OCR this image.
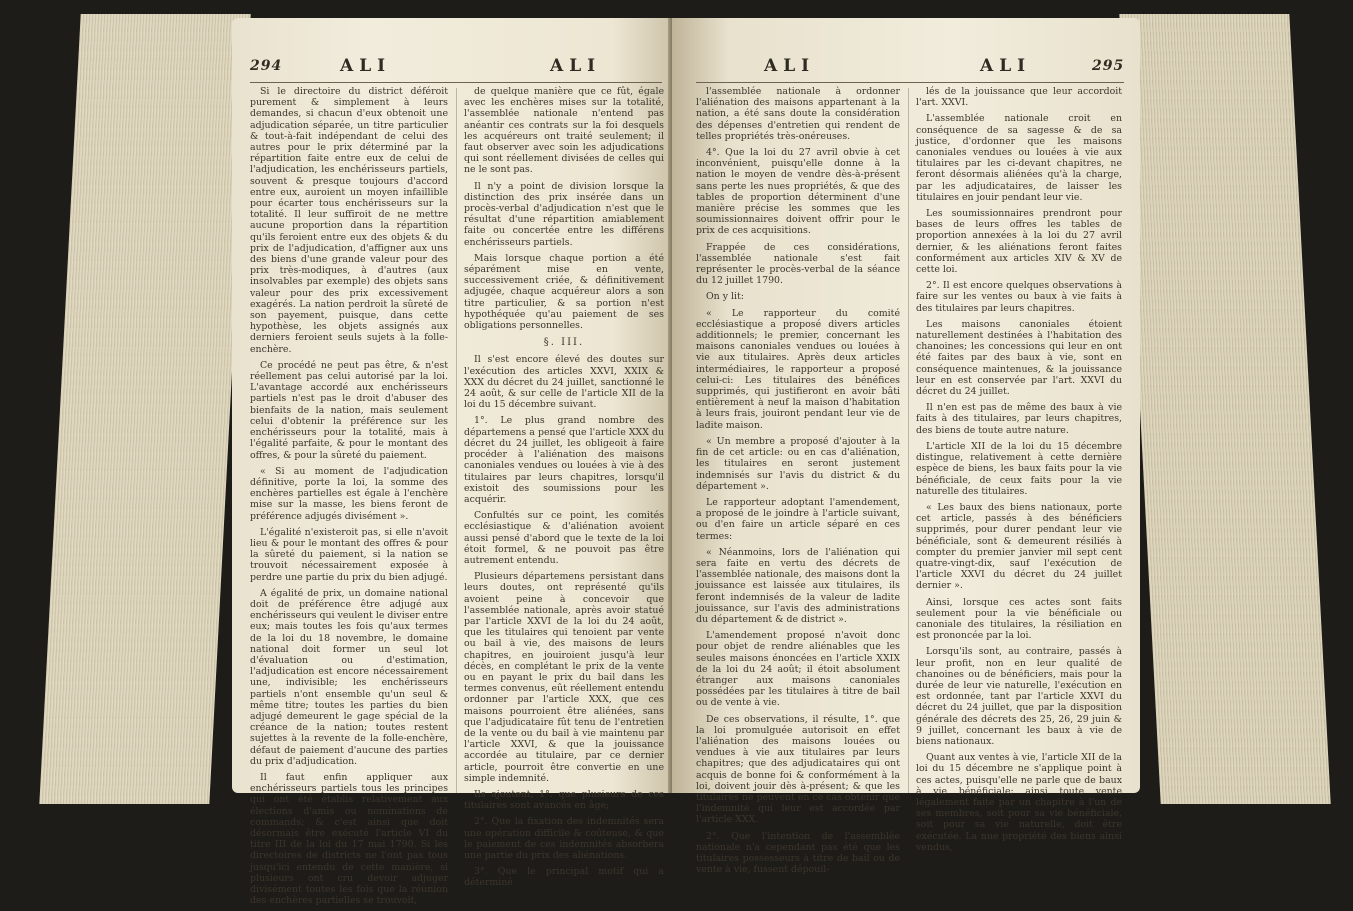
294	ALI	ALI

Si le directoire du district déféroit purement & simplement à leurs demandes, si chacun d'eux obtenoit une adjudication séparée, un titre particulier & tout-à-fait indépendant de celui des autres pour le prix déterminé par la répartition faite entre eux de celui de l'adjudication, les enchérisseurs partiels, souvent & presque toujours d'accord entre eux, auroient un moyen infaillible pour écarter tous enchérisseurs sur la totalité. Il leur suffiroit de ne mettre aucune proportion dans la répartition qu'ils feroient entre eux des objets & du prix de l'adjudication, d'affigner aux uns des biens d'une grande valeur pour des prix très-modiques, à d'autres (aux insolvables par exemple) des objets sans valeur pour des prix excessivement exagérés. La nation perdroit la sûreté de son payement, puisque, dans cette hypothèse, les objets assignés aux derniers feroient seuls sujets à la folle-enchère.

Ce procédé ne peut pas être, & n'est réellement pas celui autorisé par la loi. L'avantage accordé aux enchérisseurs partiels n'est pas le droit d'abuser des bienfaits de la nation, mais seulement celui d'obtenir la préférence sur les enchérisseurs pour la totalité, mais à l'égalité parfaite, & pour le montant des offres, & pour la sûreté du paiement.

« Si au moment de l'adjudication définitive, porte la loi, la somme des enchères partielles est égale à l'enchère mise sur la masse, les biens feront de préférence adjugés divisément ».

L'égalité n'existeroit pas, si elle n'avoit lieu & pour le montant des offres & pour la sûreté du paiement, si la nation se trouvoit nécessairement exposée à perdre une partie du prix du bien adjugé.

A égalité de prix, un domaine national doit de préférence être adjugé aux enchérisseurs qui veulent le diviser entre eux; mais toutes les fois qu'aux termes de la loi du 18 novembre, le domaine national doit former un seul lot d'évaluation ou d'estimation, l'adjudication est encore nécessairement une, indivisible; les enchérisseurs partiels n'ont ensemble qu'un seul & même titre; toutes les parties du bien adjugé demeurent le gage spécial de la créance de la nation; toutes restent sujettes à la revente de la folle-enchère, défaut de paiement d'aucune des parties du prix d'adjudication.

Il faut enfin appliquer aux enchérisseurs partiels tous les principes qui ont été établis relativement aux élections d'amis ou nominations de commands; & c'est ainsi que doit désormais être exécuté l'article VI du titre III de la loi du 17 mai 1790. Si les directoires de districts ne l'ont pas tous jusqu'ici entendu de cette manière, si plusieurs ont cru devoir adjuger divisément toutes les fois que la réunion des enchères partielles se trouvoit,

de quelque manière que ce fût, égale avec les enchères mises sur la totalité, l'assemblée nationale n'entend pas anéantir ces contrats sur la foi desquels les acquéreurs ont traité seulement; il faut observer avec soin les adjudications qui sont réellement divisées de celles qui ne le sont pas.

Il n'y a point de division lorsque la distinction des prix insérée dans un procès-verbal d'adjudication n'est que le résultat d'une répartition amiablement faite ou concertée entre les différens enchérisseurs partiels.

Mais lorsque chaque portion a été séparément mise en vente, successivement criée, & définitivement adjugée, chaque acquéreur alors a son titre particulier, & sa portion n'est hypothéquée qu'au paiement de ses obligations personnelles.

§. III.

Il s'est encore élevé des doutes sur l'exécution des articles XXVI, XXIX & XXX du décret du 24 juillet, sanctionné le 24 août, & sur celle de l'article XII de la loi du 15 décembre suivant.

1°. Le plus grand nombre des départemens a pensé que l'article XXX du décret du 24 juillet, les obligeoit à faire procéder à l'aliénation des maisons canoniales vendues ou louées à vie à des titulaires par leurs chapitres, lorsqu'il existoit des soumissions pour les acquérir.

Confultés sur ce point, les comités ecclésiastique & d'aliénation avoient aussi pensé d'abord que le texte de la loi étoit formel, & ne pouvoit pas être autrement entendu.

Plusieurs départemens persistant dans leurs doutes, ont représenté qu'ils avoient peine à concevoir que l'assemblée nationale, après avoir statué par l'article XXVI de la loi du 24 août, que les titulaires qui tenoient par vente ou bail à vie, des maisons de leurs chapitres, en jouiroient jusqu'à leur décès, en complétant le prix de la vente ou en payant le prix du bail dans les termes convenus, eût réellement entendu ordonner par l'article XXX, que ces maisons pourroient être aliénées, sans que l'adjudicataire fût tenu de l'entretien de la vente ou du bail à vie maintenu par l'article XXVI, & que la jouissance accordée au titulaire, par ce dernier article, pourroit être convertie en une simple indemnité.

Ils ajoutent, 1°. que plusieurs de ces titulaires sont avancés en âge;

2°. Que la fixation des indemnités sera une opération difficile & coûteuse, & que le paiement de ces indemnités absorbera une partie du prix des aliénations.

3°. Que le principal motif qui a déterminé

ALI	ALI	295

l'assemblée nationale à ordonner l'aliénation des maisons appartenant à la nation, a été sans doute la considération des dépenses d'entretien qui rendent de telles propriétés très-onéreuses.

4°. Que la loi du 27 avril obvie à cet inconvénient, puisqu'elle donne à la nation le moyen de vendre dès-à-présent sans perte les nues propriétés, & que des tables de proportion déterminent d'une manière précise les sommes que les soumissionnaires doivent offrir pour le prix de ces acquisitions.

Frappée de ces considérations, l'assemblée nationale s'est fait représenter le procès-verbal de la séance du 12 juillet 1790.

On y lit:

« Le rapporteur du comité ecclésiastique a proposé divers articles additionnels; le premier, concernant les maisons canoniales vendues ou louées à vie aux titulaires. Après deux articles intermédiaires, le rapporteur a proposé celui-ci: Les titulaires des bénéfices supprimés, qui justifieront en avoir bâti entièrement à neuf la maison d'habitation à leurs frais, jouiront pendant leur vie de ladite maison.

« Un membre a proposé d'ajouter à la fin de cet article: ou en cas d'aliénation, les titulaires en seront justement indemnisés sur l'avis du district & du département ».

Le rapporteur adoptant l'amendement, a proposé de le joindre à l'article suivant, ou d'en faire un article séparé en ces termes:

« Néanmoins, lors de l'aliénation qui sera faite en vertu des décrets de l'assemblée nationale, des maisons dont la jouissance est laissée aux titulaires, ils feront indemnisés de la valeur de ladite jouissance, sur l'avis des administrations du département & de district ».

L'amendement proposé n'avoit donc pour objet de rendre aliénables que les seules maisons énoncées en l'article XXIX de la loi du 24 août; il étoit absolument étranger aux maisons canoniales possédées par les titulaires à titre de bail ou de vente à vie.

De ces observations, il résulte, 1°. que la loi promulguée autorisoit en effet l'aliénation des maisons louées ou vendues à vie aux titulaires par leurs chapitres; que des adjudicataires qui ont acquis de bonne foi & conformément à la loi, doivent jouir dès à-présent; & que les titulaires ne peuvent en ce cas obtenir que l'indemnité qui leur est accordée par l'article XXX.

2°. Que l'intention de l'assemblée nationale n'a cependant pas été que les titulaires possesseurs à titre de bail ou de vente à vie, fussent dépouil-

lés de la jouissance que leur accordoit l'art. XXVI.

L'assemblée nationale croit en conséquence de sa sagesse & de sa justice, d'ordonner que les maisons canoniales vendues ou louées à vie aux titulaires par les ci-devant chapitres, ne feront désormais aliénées qu'à la charge, par les adjudicataires, de laisser les titulaires en jouir pendant leur vie.

Les soumissionnaires prendront pour bases de leurs offres les tables de proportion annexées à la loi du 27 avril dernier, & les aliénations feront faites conformément aux articles XIV & XV de cette loi.

2°. Il est encore quelques observations à faire sur les ventes ou baux à vie faits à des titulaires par leurs chapitres.

Les maisons canoniales étoient naturellement destinées à l'habitation des chanoines; les concessions qui leur en ont été faites par des baux à vie, sont en conséquence maintenues, & la jouissance leur en est conservée par l'art. XXVI du décret du 24 juillet.

Il n'en est pas de même des baux à vie faits à des titulaires, par leurs chapitres, des biens de toute autre nature.

L'article XII de la loi du 15 décembre distingue, relativement à cette dernière espèce de biens, les baux faits pour la vie bénéficiale, de ceux faits pour la vie naturelle des titulaires.

« Les baux des biens nationaux, porte cet article, passés à des bénéficiers supprimés, pour durer pendant leur vie bénéficiale, sont & demeurent résiliés à compter du premier janvier mil sept cent quatre-vingt-dix, sauf l'exécution de l'article XXVI du décret du 24 juillet dernier ».

Ainsi, lorsque ces actes sont faits seulement pour la vie bénéficiale ou canoniale des titulaires, la résiliation en est prononcée par la loi.

Lorsqu'ils sont, au contraire, passés à leur profit, non en leur qualité de chanoines ou de bénéficiers, mais pour la durée de leur vie naturelle, l'exécution en est ordonnée, tant par l'article XXVI du décret du 24 juillet, que par la disposition générale des décrets des 25, 26, 29 juin & 9 juillet, concernant les baux à vie de biens nationaux.

Quant aux ventes à vie, l'article XII de la loi du 15 décembre ne s'applique point à ces actes, puisqu'elle ne parle que de baux à vie bénéficiale; ainsi toute vente légalement faite par un chapitre à l'un de ses membres, soit pour sa vie bénéficiale, soit pour sa vie naturelle, doit être exécutée. La nue propriété des biens ainsi vendus,
